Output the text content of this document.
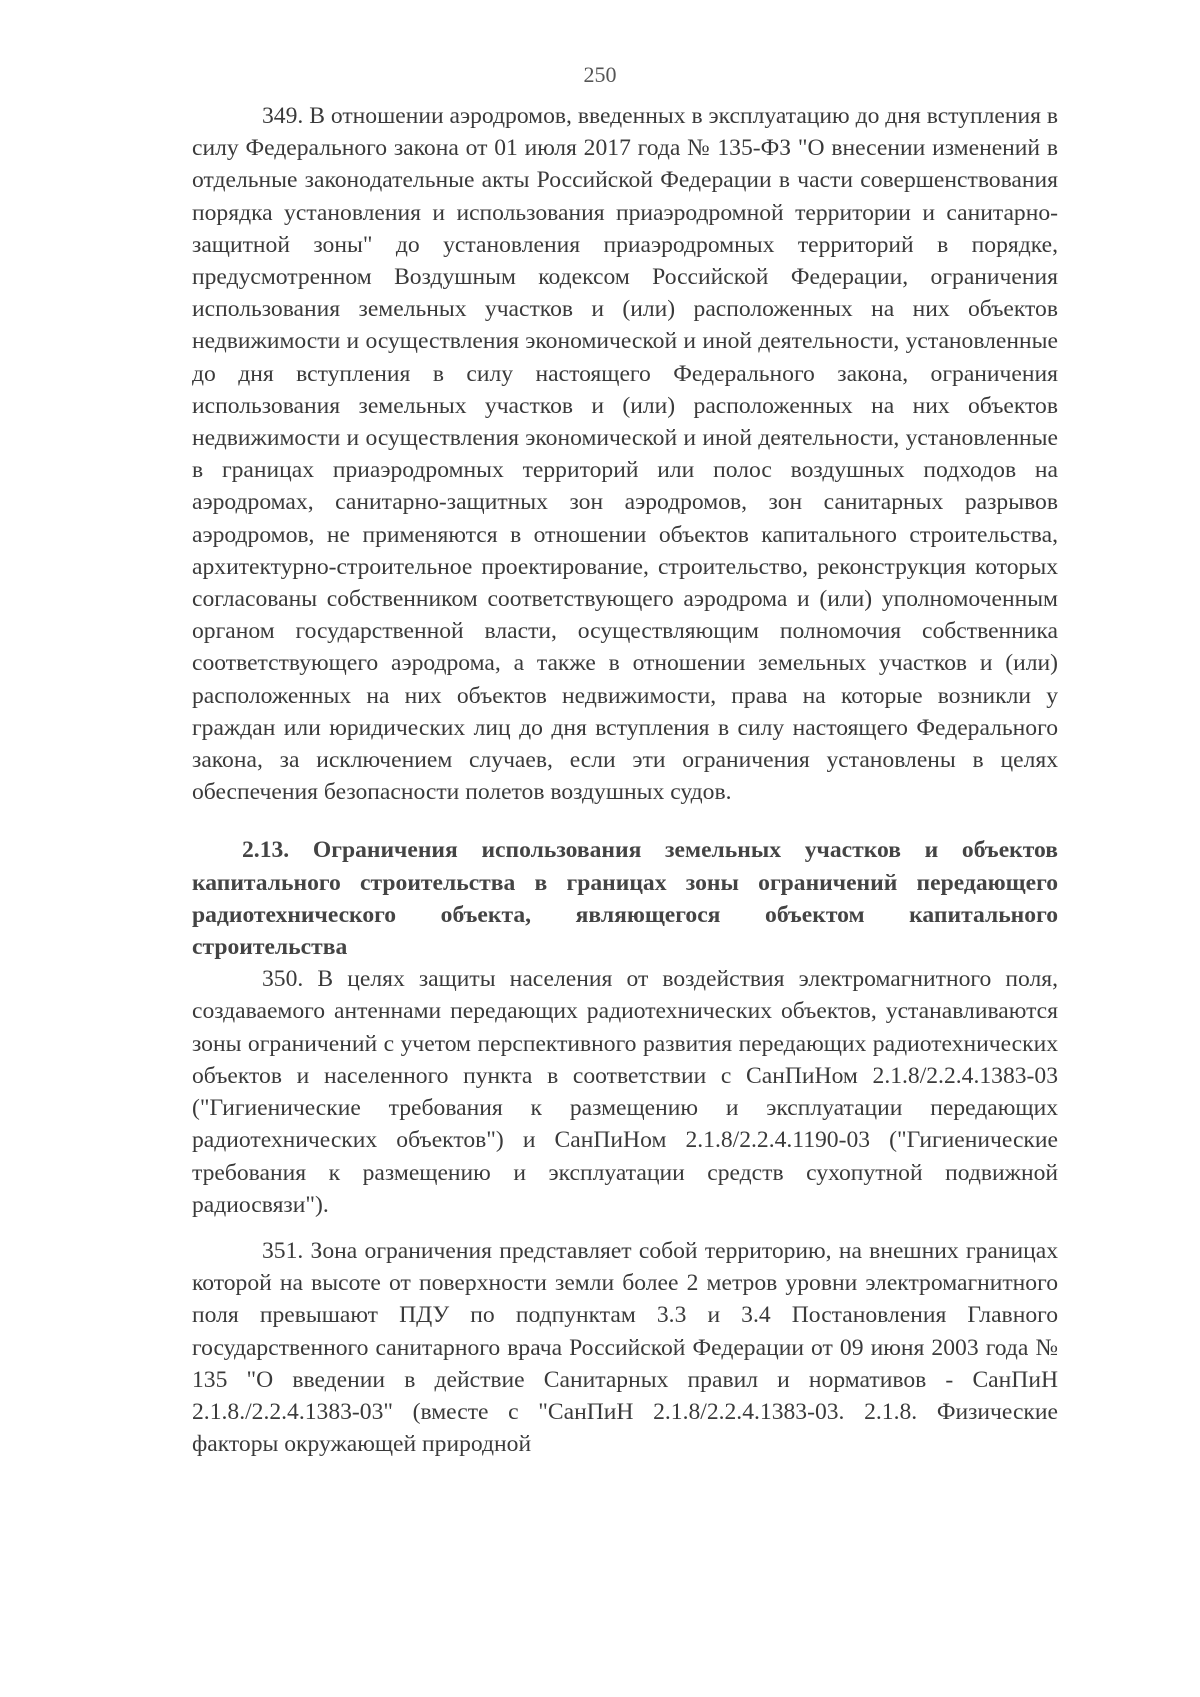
250

349. В отношении аэродромов, введенных в эксплуатацию до дня вступления в силу Федерального закона от 01 июля 2017 года № 135-ФЗ "О внесении изменений в отдельные законодательные акты Российской Федерации в части совершенствования порядка установления и использования приаэродромной территории и санитарно-защитной зоны" до установления приаэродромных территорий в порядке, предусмотренном Воздушным кодексом Российской Федерации, ограничения использования земельных участков и (или) расположенных на них объектов недвижимости и осуществления экономической и иной деятельности, установленные до дня вступления в силу настоящего Федерального закона, ограничения использования земельных участков и (или) расположенных на них объектов недвижимости и осуществления экономической и иной деятельности, установленные в границах приаэродромных территорий или полос воздушных подходов на аэродромах, санитарно-защитных зон аэродромов, зон санитарных разрывов аэродромов, не применяются в отношении объектов капитального строительства, архитектурно-строительное проектирование, строительство, реконструкция которых согласованы собственником соответствующего аэродрома и (или) уполномоченным органом государственной власти, осуществляющим полномочия собственника соответствующего аэродрома, а также в отношении земельных участков и (или) расположенных на них объектов недвижимости, права на которые возникли у граждан или юридических лиц до дня вступления в силу настоящего Федерального закона, за исключением случаев, если эти ограничения установлены в целях обеспечения безопасности полетов воздушных судов.

2.13. Ограничения использования земельных участков и объектов капитального строительства в границах зоны ограничений передающего радиотехнического объекта, являющегося объектом капитального строительства

350. В целях защиты населения от воздействия электромагнитного поля, создаваемого антеннами передающих радиотехнических объектов, устанавливаются зоны ограничений с учетом перспективного развития передающих радиотехнических объектов и населенного пункта в соответствии с СанПиНом 2.1.8/2.2.4.1383-03 ("Гигиенические требования к размещению и эксплуатации передающих радиотехнических объектов") и СанПиНом 2.1.8/2.2.4.1190-03 ("Гигиенические требования к размещению и эксплуатации средств сухопутной подвижной радиосвязи").

351. Зона ограничения представляет собой территорию, на внешних границах которой на высоте от поверхности земли более 2 метров уровни электромагнитного поля превышают ПДУ по подпунктам 3.3 и 3.4 Постановления Главного государственного санитарного врача Российской Федерации от 09 июня 2003 года № 135 "О введении в действие Санитарных правил и нормативов - СанПиН 2.1.8./2.2.4.1383-03" (вместе с "СанПиН 2.1.8/2.2.4.1383-03. 2.1.8. Физические факторы окружающей природной
